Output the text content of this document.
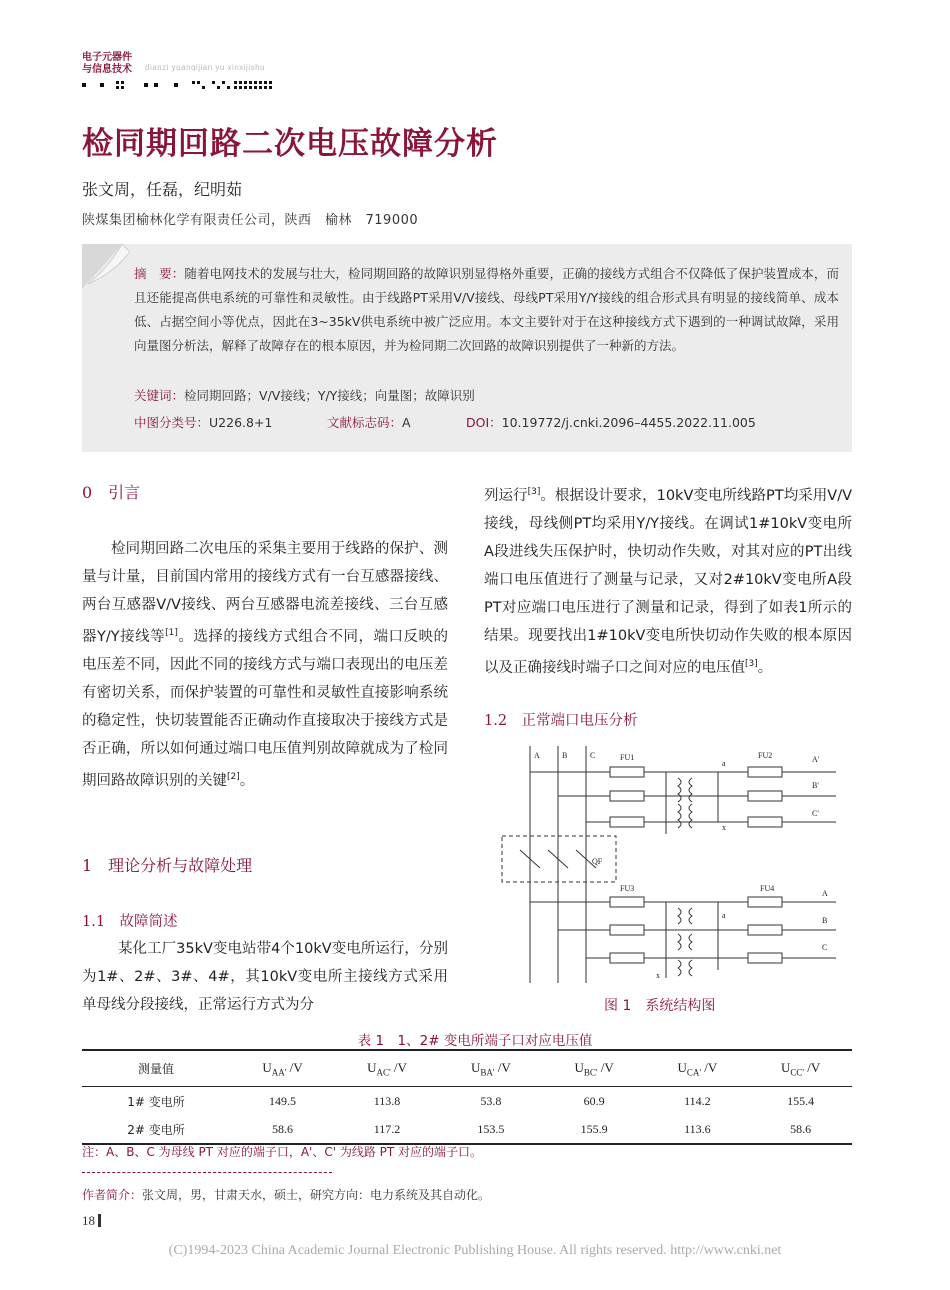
电子元器件
与信息技术 dianzi yuanqijian yu xinxijishu
检同期回路二次电压故障分析
张文周，任磊，纪明茹
陕煤集团榆林化学有限责任公司，陕西　榆林　719000
摘　要：随着电网技术的发展与壮大，检同期回路的故障识别显得格外重要，正确的接线方式组合不仅降低了保护装置成本，而且还能提高供电系统的可靠性和灵敏性。由于线路PT采用V/V接线、母线PT采用Y/Y接线的组合形式具有明显的接线简单、成本低、占据空间小等优点，因此在3~35kV供电系统中被广泛应用。本文主要针对于在这种接线方式下遇到的一种调试故障，采用向量图分析法，解释了故障存在的根本原因，并为检同期二次回路的故障识别提供了一种新的方法。
关键词：检同期回路；V/V接线；Y/Y接线；向量图；故障识别
中图分类号：U226.8+1	文献标志码：A	DOI：10.19772/j.cnki.2096–4455.2022.11.005
0　引言
检同期回路二次电压的采集主要用于线路的保护、测量与计量，目前国内常用的接线方式有一台互感器接线、两台互感器V/V接线、两台互感器电流差接线、三台互感器Y/Y接线等[1]。选择的接线方式组合不同，端口反映的电压差不同，因此不同的接线方式与端口表现出的电压差有密切关系，而保护装置的可靠性和灵敏性直接影响系统的稳定性，快切装置能否正确动作直接取决于接线方式是否正确，所以如何通过端口电压值判别故障就成为了检同期回路故障识别的关键[2]。
1　理论分析与故障处理
1.1　故障简述
某化工厂35kV变电站带4个10kV变电所运行，分别为1#、2#、3#、4#，其10kV变电所主接线方式采用单母线分段接线，正常运行方式为分
列运行[3]。根据设计要求，10kV变电所线路PT均采用V/V接线，母线侧PT均采用Y/Y接线。在调试1#10kV变电所A段进线失压保护时，快切动作失败，对其对应的PT出线端口电压值进行了测量与记录，又对2#10kV变电所A段PT对应端口电压进行了测量和记录，得到了如表1所示的结果。现要找出1#10kV变电所快切动作失败的根本原因以及正确接线时端子口之间对应的电压值[3]。
1.2　正常端口电压分析
A	B	C	FU1	FU2
FU3	FU4
QF
A'
B'
C'
A
B
C
a
x
a
x
图 1　系统结构图
表 1　1、2# 变电所端子口对应电压值
测量值	$U_{AA'}$ /V	$U_{AC'}$ /V	$U_{BA'}$ /V	$U_{BC'}$ /V	$U_{CA'}$ /V	$U_{CC'}$ /V
1# 变电所	149.5	113.8	53.8	60.9	114.2	155.4
2# 变电所	58.6	117.2	153.5	155.9	113.6	58.6
注：A、B、C 为母线 PT 对应的端子口，A'、C' 为线路 PT 对应的端子口。
作者简介：张文周，男，甘肃天水，硕士，研究方向：电力系统及其自动化。
18
(C)1994-2023 China Academic Journal Electronic Publishing House. All rights reserved. http://www.cnki.net
